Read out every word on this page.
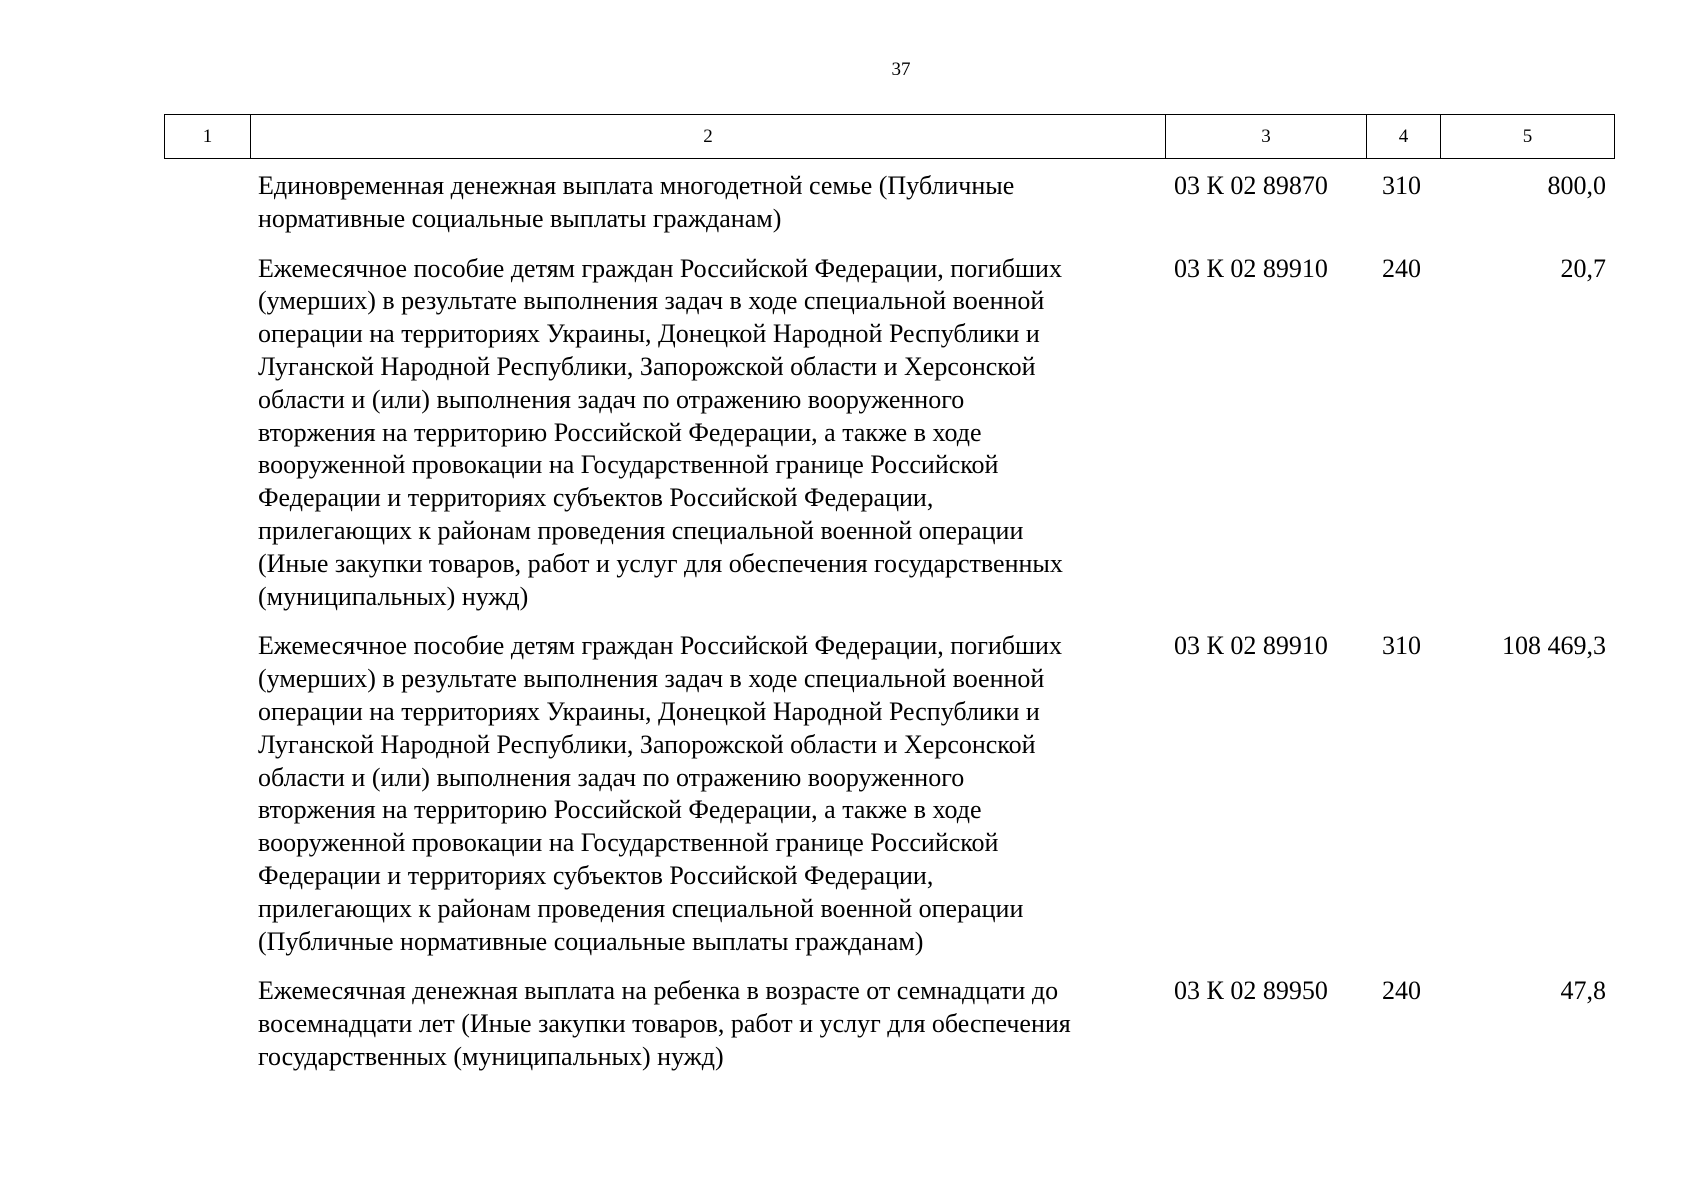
37
1	2	3	4	5
Единовременная денежная выплата многодетной семье (Публичные
нормативные социальные выплаты гражданам)
03 К 02 89870	310	800,0
Ежемесячное пособие детям граждан Российской Федерации, погибших
(умерших) в результате выполнения задач в ходе специальной военной
операции на территориях Украины, Донецкой Народной Республики и
Луганской Народной Республики, Запорожской области и Херсонской
области и (или) выполнения задач по отражению вооруженного
вторжения на территорию Российской Федерации, а также в ходе
вооруженной провокации на Государственной границе Российской
Федерации и территориях субъектов Российской Федерации,
прилегающих к районам проведения специальной военной операции
(Иные закупки товаров, работ и услуг для обеспечения государственных
(муниципальных) нужд)
03 К 02 89910	240	20,7
Ежемесячное пособие детям граждан Российской Федерации, погибших
(умерших) в результате выполнения задач в ходе специальной военной
операции на территориях Украины, Донецкой Народной Республики и
Луганской Народной Республики, Запорожской области и Херсонской
области и (или) выполнения задач по отражению вооруженного
вторжения на территорию Российской Федерации, а также в ходе
вооруженной провокации на Государственной границе Российской
Федерации и территориях субъектов Российской Федерации,
прилегающих к районам проведения специальной военной операции
(Публичные нормативные социальные выплаты гражданам)
03 К 02 89910	310	108 469,3
Ежемесячная денежная выплата на ребенка в возрасте от семнадцати до
восемнадцати лет (Иные закупки товаров, работ и услуг для обеспечения
государственных (муниципальных) нужд)
03 К 02 89950	240	47,8
